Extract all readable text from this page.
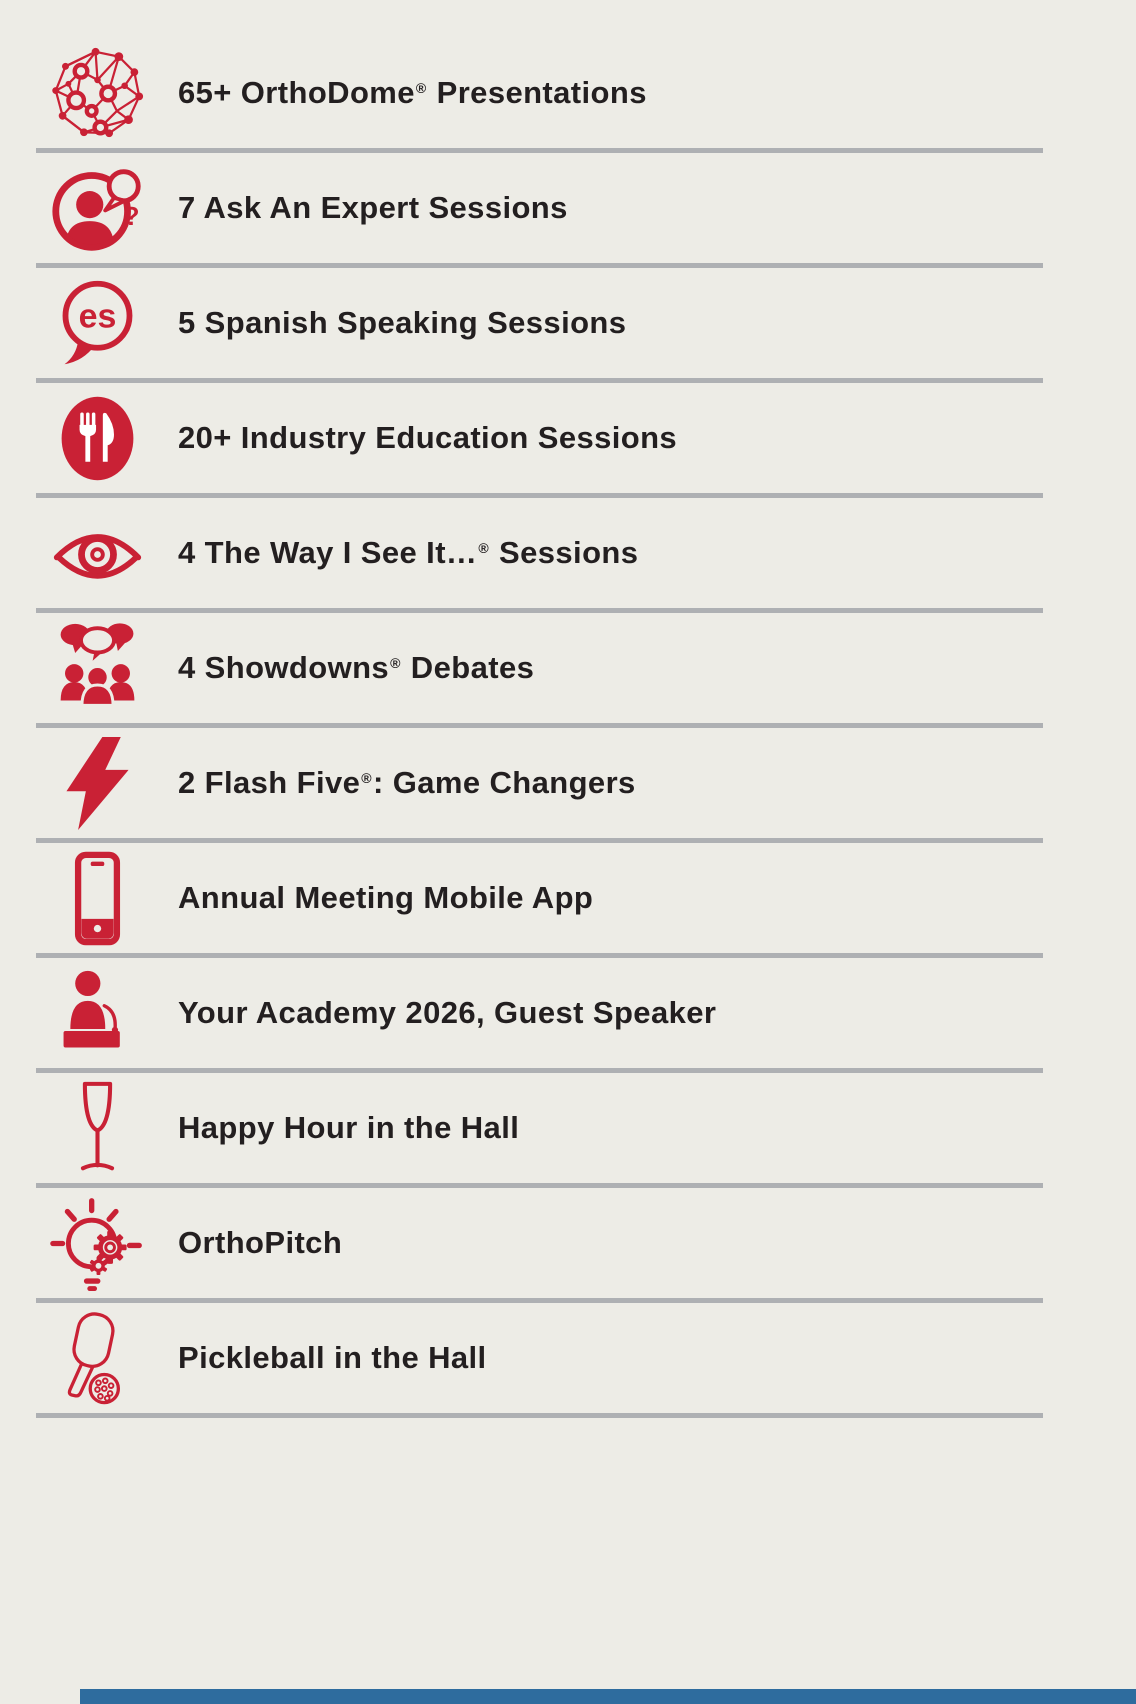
65+ OrthoDome® Presentations
? 7 Ask An Expert Sessions
es 5 Spanish Speaking Sessions
20+ Industry Education Sessions
4 The Way I See It…® Sessions
4 Showdowns® Debates
2 Flash Five®: Game Changers
Annual Meeting Mobile App
Your Academy 2026, Guest Speaker
Happy Hour in the Hall
OrthoPitch
Pickleball in the Hall
